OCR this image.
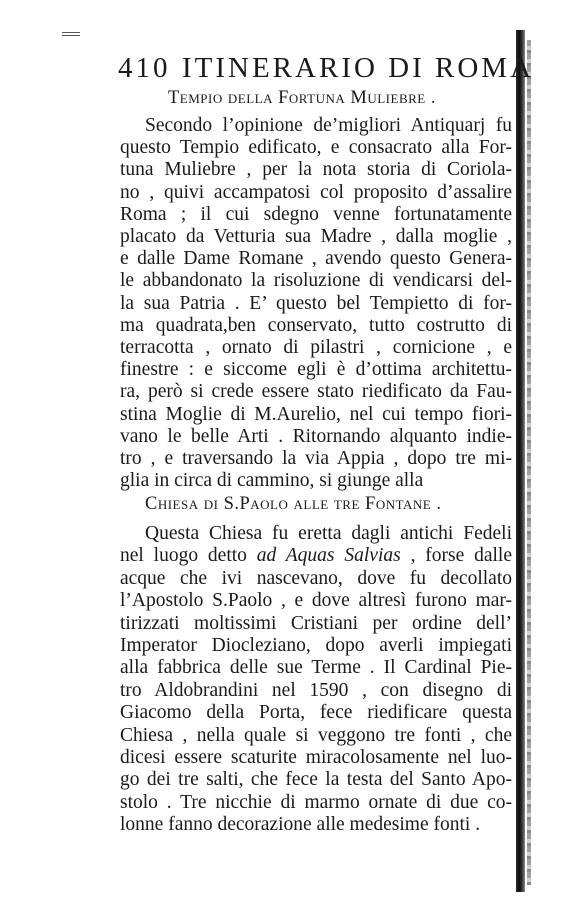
410 ITINERARIO DI ROMA
Tempio della Fortuna Muliebre .
Secondo l’opinione de’migliori Antiquarj fu
questo Tempio edificato, e consacrato alla For-
tuna Muliebre , per la nota storia di Coriola-
no , quivi accampatosi col proposito d’assalire
Roma ; il cui sdegno venne fortunatamente
placato da Vetturia sua Madre , dalla moglie ,
e dalle Dame Romane , avendo questo Genera-
le abbandonato la risoluzione di vendicarsi del-
la sua Patria . E’ questo bel Tempietto di for-
ma quadrata,ben conservato, tutto costrutto di
terracotta , ornato di pilastri , cornicione , e
finestre : e siccome egli è d’ottima architettu-
ra, però si crede essere stato riedificato da Fau-
stina Moglie di M.Aurelio, nel cui tempo fiori-
vano le belle Arti . Ritornando alquanto indie-
tro , e traversando la via Appia , dopo tre mi-
glia in circa di cammino, si giunge alla
Chiesa di S.Paolo alle tre Fontane .
Questa Chiesa fu eretta dagli antichi Fedeli
nel luogo detto ad Aquas Salvias , forse dalle
acque che ivi nascevano, dove fu decollato
l’Apostolo S.Paolo , e dove altresì furono mar-
tirizzati moltissimi Cristiani per ordine dell’
Imperator Diocleziano, dopo averli impiegati
alla fabbrica delle sue Terme . Il Cardinal Pie-
tro Aldobrandini nel 1590 , con disegno di
Giacomo della Porta, fece riedificare questa
Chiesa , nella quale si veggono tre fonti , che
dicesi essere scaturite miracolosamente nel luo-
go dei tre salti, che fece la testa del Santo Apo-
stolo . Tre nicchie di marmo ornate di due co-
lonne fanno decorazione alle medesime fonti .
